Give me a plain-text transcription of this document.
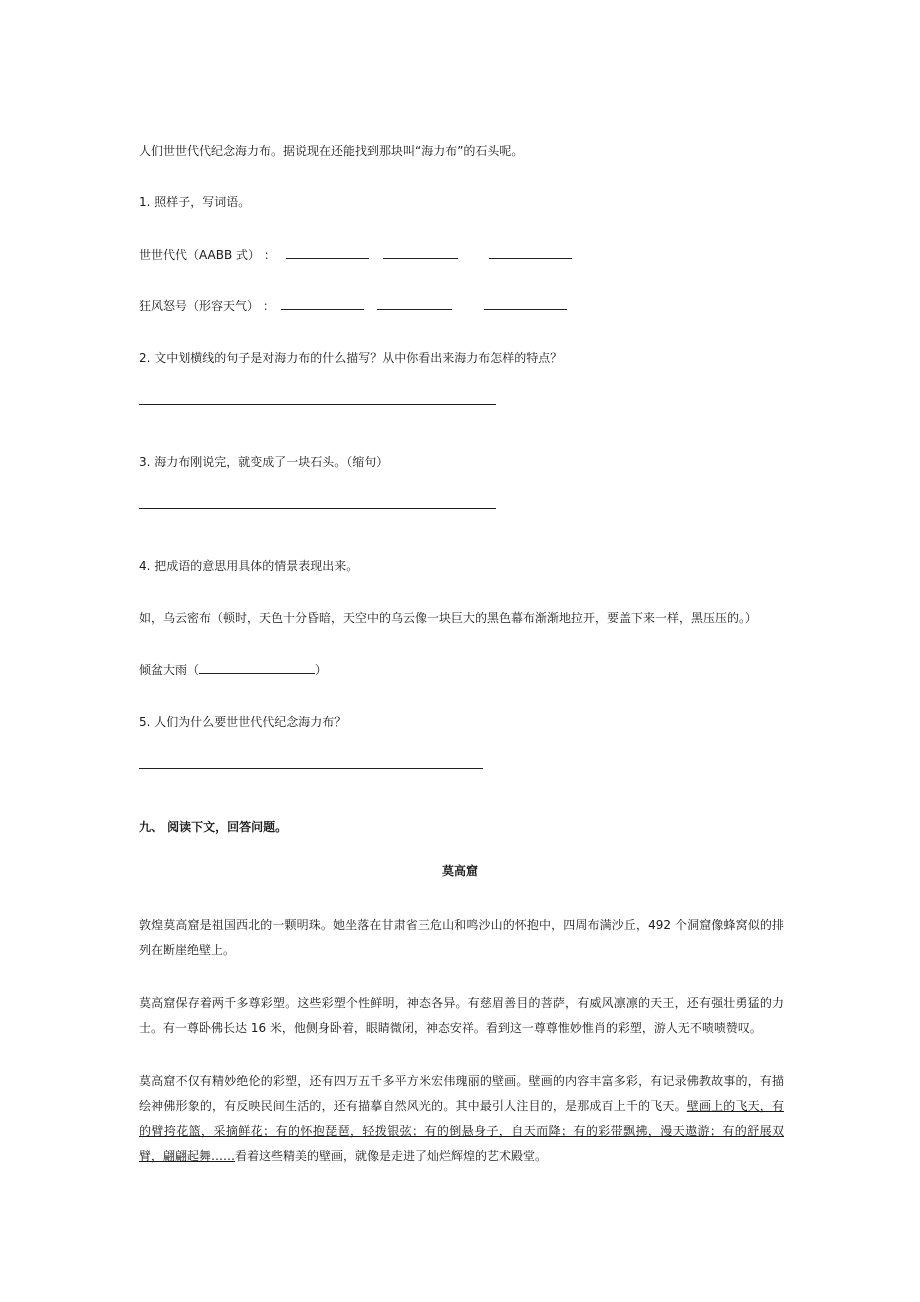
人们世世代代纪念海力布。据说现在还能找到那块叫“海力布”的石头呢。
1. 照样子，写词语。
世世代代（AABB 式） ：
狂风怒号（形容天气） ：
2. 文中划横线的句子是对海力布的什么描写？从中你看出来海力布怎样的特点？
3. 海力布刚说完，就变成了一块石头。（缩句）
4. 把成语的意思用具体的情景表现出来。
如，乌云密布（顿时，天色十分昏暗，天空中的乌云像一块巨大的黑色幕布渐渐地拉开，要盖下来一样，黑压压的。）
倾盆大雨（	）
5. 人们为什么要世世代代纪念海力布？
九、 阅读下文，回答问题。
莫高窟
敦煌莫高窟是祖国西北的一颗明珠。她坐落在甘肃省三危山和鸣沙山的怀抱中，四周布满沙丘，492 个洞窟像蜂窝似的排列在断崖绝壁上。
莫高窟保存着两千多尊彩塑。这些彩塑个性鲜明，神态各异。有慈眉善目的菩萨，有威风凛凛的天王，还有强壮勇猛的力士。有一尊卧佛长达 16 米，他侧身卧着，眼睛微闭，神态安祥。看到这一尊尊惟妙惟肖的彩塑，游人无不啧啧赞叹。
莫高窟不仅有精妙绝伦的彩塑，还有四万五千多平方米宏伟瑰丽的壁画。壁画的内容丰富多彩，有记录佛教故事的，有描绘神佛形象的，有反映民间生活的，还有描摹自然风光的。其中最引人注目的，是那成百上千的飞天。壁画上的飞天，有的臂挎花篮，采摘鲜花；有的怀抱琵琶，轻拨银弦；有的倒悬身子，自天而降；有的彩带飘拂，漫天遨游；有的舒展双臂，翩翩起舞……看着这些精美的壁画，就像是走进了灿烂辉煌的艺术殿堂。
